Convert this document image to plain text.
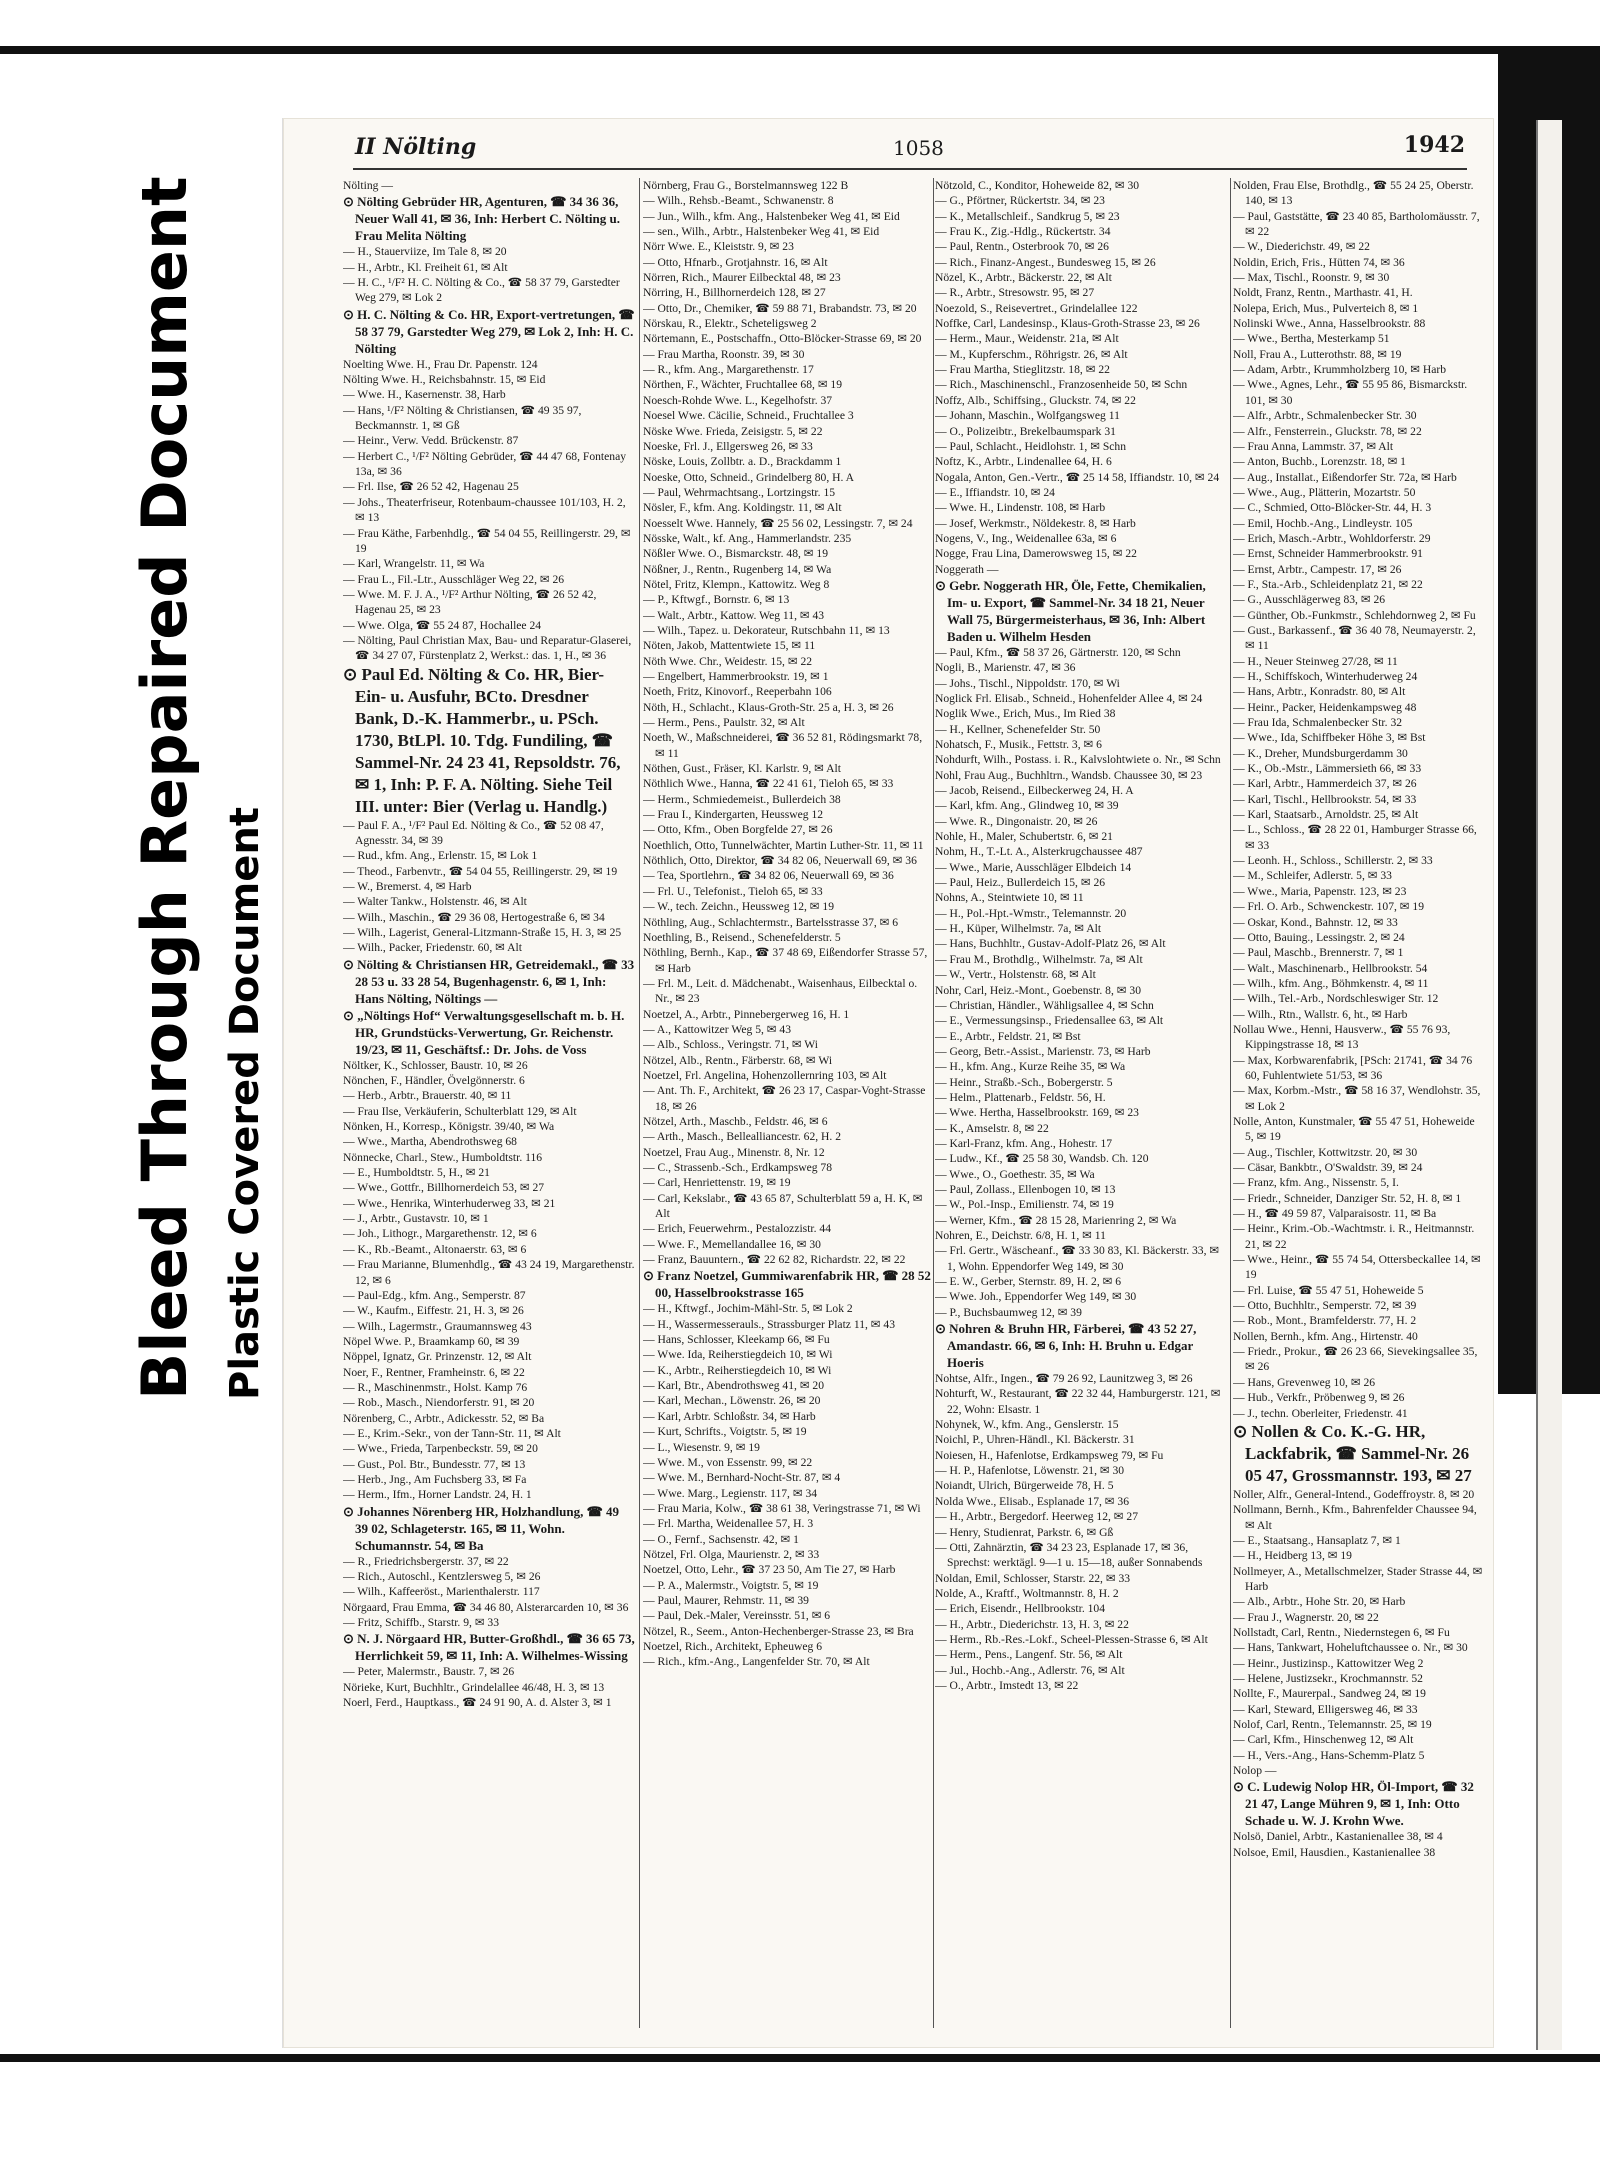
Bleed Through Repaired Document Plastic Covered Document
II Nölting	1058	1942
Nölting —
⊙ Nölting Gebrüder HR, Agenturen, ☎ 34 36 36, Neuer Wall 41, ✉ 36, Inh: Herbert C. Nölting u. Frau Melita Nölting
— H., Stauerviize, Im Tale 8, ✉ 20
— H., Arbtr., Kl. Freiheit 61, ✉ Alt
— H. C., ¹/F² H. C. Nölting & Co., ☎ 58 37 79, Garstedter Weg 279, ✉ Lok 2
⊙ H. C. Nölting & Co. HR, Export-vertretungen, ☎ 58 37 79, Garstedter Weg 279, ✉ Lok 2, Inh: H. C. Nölting
Noelting Wwe. H., Frau Dr. Papenstr. 124
Nölting Wwe. H., Reichsbahnstr. 15, ✉ Eid
— Wwe. H., Kasernenstr. 38, Harb
— Hans, ¹/F² Nölting & Christiansen, ☎ 49 35 97, Beckmannstr. 1, ✉ Gß
— Heinr., Verw. Vedd. Brückenstr. 87
— Herbert C., ¹/F² Nölting Gebrüder, ☎ 44 47 68, Fontenay 13a, ✉ 36
— Frl. Ilse, ☎ 26 52 42, Hagenau 25
— Johs., Theaterfriseur, Rotenbaum-chaussee 101/103, H. 2, ✉ 13
— Frau Käthe, Farbenhdlg., ☎ 54 04 55, Reillingerstr. 29, ✉ 19
— Karl, Wrangelstr. 11, ✉ Wa
— Frau L., Fil.-Ltr., Ausschläger Weg 22, ✉ 26
— Wwe. M. F. J. A., ¹/F² Arthur Nölting, ☎ 26 52 42, Hagenau 25, ✉ 23
— Wwe. Olga, ☎ 55 24 87, Hochallee 24
— Nölting, Paul Christian Max, Bau- und Reparatur-Glaserei, ☎ 34 27 07, Fürstenplatz 2, Werkst.: das. 1, H., ✉ 36
⊙ Paul Ed. Nölting & Co. HR, Bier-Ein- u. Ausfuhr, BCto. Dresdner Bank, D.-K. Hammerbr., u. PSch. 1730, BtLPl. 10. Tdg. Fundiling, ☎ Sammel-Nr. 24 23 41, Repsoldstr. 76, ✉ 1, Inh: P. F. A. Nölting. Siehe Teil III. unter: Bier (Verlag u. Handlg.)
— Paul F. A., ¹/F² Paul Ed. Nölting & Co., ☎ 52 08 47, Agnesstr. 34, ✉ 39
— Rud., kfm. Ang., Erlenstr. 15, ✉ Lok 1
— Theod., Farbenvtr., ☎ 54 04 55, Reillingerstr. 29, ✉ 19
— W., Bremerst. 4, ✉ Harb
— Walter Tankw., Holstenstr. 46, ✉ Alt
— Wilh., Maschin., ☎ 29 36 08, Hertogestraße 6, ✉ 34
— Wilh., Lagerist, General-Litzmann-Straße 15, H. 3, ✉ 25
— Wilh., Packer, Friedenstr. 60, ✉ Alt
⊙ Nölting & Christiansen HR, Getreidemakl., ☎ 33 28 53 u. 33 28 54, Bugenhagenstr. 6, ✉ 1, Inh: Hans Nölting, Nöltings —
⊙ „Nöltings Hof“ Verwaltungsgesellschaft m. b. H. HR, Grundstücks-Verwertung, Gr. Reichenstr. 19/23, ✉ 11, Geschäftsf.: Dr. Johs. de Voss
Nöltker, K., Schlosser, Baustr. 10, ✉ 26
Nönchen, F., Händler, Övelgönnerstr. 6
— Herb., Arbtr., Brauerstr. 40, ✉ 11
— Frau Ilse, Verkäuferin, Schulterblatt 129, ✉ Alt
Nönken, H., Korresp., Königstr. 39/40, ✉ Wa
— Wwe., Martha, Abendrothsweg 68
Nönnecke, Charl., Stew., Humboldtstr. 116
— E., Humboldtstr. 5, H., ✉ 21
— Wwe., Gottfr., Billhornerdeich 53, ✉ 27
— Wwe., Henrika, Winterhuderweg 33, ✉ 21
— J., Arbtr., Gustavstr. 10, ✉ 1
— Joh., Lithogr., Margarethenstr. 12, ✉ 6
— K., Rb.-Beamt., Altonaerstr. 63, ✉ 6
— Frau Marianne, Blumenhdlg., ☎ 43 24 19, Margarethenstr. 12, ✉ 6
— Paul-Edg., kfm. Ang., Semperstr. 87
— W., Kaufm., Eiffestr. 21, H. 3, ✉ 26
— Wilh., Lagermstr., Graumannsweg 43
Nöpel Wwe. P., Braamkamp 60, ✉ 39
Nöppel, Ignatz, Gr. Prinzenstr. 12, ✉ Alt
Noer, F., Rentner, Framheinstr. 6, ✉ 22
— R., Maschinenmstr., Holst. Kamp 76
— Rob., Masch., Niendorferstr. 91, ✉ 20
Nörenberg, C., Arbtr., Adickesstr. 52, ✉ Ba
— E., Krim.-Sekr., von der Tann-Str. 11, ✉ Alt
— Wwe., Frieda, Tarpenbeckstr. 59, ✉ 20
— Gust., Pol. Btr., Bundesstr. 77, ✉ 13
— Herb., Jng., Am Fuchsberg 33, ✉ Fa
— Herm., Ifm., Horner Landstr. 24, H. 1
⊙ Johannes Nörenberg HR, Holzhandlung, ☎ 49 39 02, Schlageterstr. 165, ✉ 11, Wohn. Schumannstr. 54, ✉ Ba
— R., Friedrichsbergerstr. 37, ✉ 22
— Rich., Autoschl., Kentzlersweg 5, ✉ 26
— Wilh., Kaffeeröst., Marienthalerstr. 117
Nörgaard, Frau Emma, ☎ 34 46 80, Alsterarcarden 10, ✉ 36
— Fritz, Schiffb., Starstr. 9, ✉ 33
⊙ N. J. Nörgaard HR, Butter-Großhdl., ☎ 36 65 73, Herrlichkeit 59, ✉ 11, Inh: A. Wilhelmes-Wissing
— Peter, Malermstr., Baustr. 7, ✉ 26
Nörieke, Kurt, Buchhltr., Grindelallee 46/48, H. 3, ✉ 13
Noerl, Ferd., Hauptkass., ☎ 24 91 90, A. d. Alster 3, ✉ 1
Nörnberg, Frau G., Borstelmannsweg 122 B
— Wilh., Rehsb.-Beamt., Schwanenstr. 8
— Jun., Wilh., kfm. Ang., Halstenbeker Weg 41, ✉ Eid
— sen., Wilh., Arbtr., Halstenbeker Weg 41, ✉ Eid
Nörr Wwe. E., Kleiststr. 9, ✉ 23
— Otto, Hfnarb., Grotjahnstr. 16, ✉ Alt
Nörren, Rich., Maurer Eilbecktal 48, ✉ 23
Nörring, H., Billhornerdeich 128, ✉ 27
— Otto, Dr., Chemiker, ☎ 59 88 71, Brabandstr. 73, ✉ 20
Nörskau, R., Elektr., Scheteligsweg 2
Nörtemann, E., Postschaffn., Otto-Blöcker-Strasse 69, ✉ 20
— Frau Martha, Roonstr. 39, ✉ 30
— R., kfm. Ang., Margarethenstr. 17
Nörthen, F., Wächter, Fruchtallee 68, ✉ 19
Noesch-Rohde Wwe. L., Kegelhofstr. 37
Noesel Wwe. Cäcilie, Schneid., Fruchtallee 3
Nöske Wwe. Frieda, Zeisigstr. 5, ✉ 22
Noeske, Frl. J., Ellgersweg 26, ✉ 33
Nöske, Louis, Zollbtr. a. D., Brackdamm 1
Noeske, Otto, Schneid., Grindelberg 80, H. A
— Paul, Wehrmachtsang., Lortzingstr. 15
Nösler, F., kfm. Ang. Koldingstr. 11, ✉ Alt
Noesselt Wwe. Hannely, ☎ 25 56 02, Lessingstr. 7, ✉ 24
Nösske, Walt., kf. Ang., Hammerlandstr. 235
Nößler Wwe. O., Bismarckstr. 48, ✉ 19
Nößner, J., Rentn., Rugenberg 14, ✉ Wa
Nötel, Fritz, Klempn., Kattowitz. Weg 8
— P., Kftwgf., Bornstr. 6, ✉ 13
— Walt., Arbtr., Kattow. Weg 11, ✉ 43
— Wilh., Tapez. u. Dekorateur, Rutschbahn 11, ✉ 13
Nöten, Jakob, Mattentwiete 15, ✉ 11
Nöth Wwe. Chr., Weidestr. 15, ✉ 22
— Engelbert, Hammerbrookstr. 19, ✉ 1
Noeth, Fritz, Kinovorf., Reeperbahn 106
Nöth, H., Schlacht., Klaus-Groth-Str. 25 a, H. 3, ✉ 26
— Herm., Pens., Paulstr. 32, ✉ Alt
Noeth, W., Maßschneiderei, ☎ 36 52 81, Rödingsmarkt 78, ✉ 11
Nöthen, Gust., Fräser, Kl. Karlstr. 9, ✉ Alt
Nöthlich Wwe., Hanna, ☎ 22 41 61, Tieloh 65, ✉ 33
— Herm., Schmiedemeist., Bullerdeich 38
— Frau I., Kindergarten, Heussweg 12
— Otto, Kfm., Oben Borgfelde 27, ✉ 26
Noethlich, Otto, Tunnelwächter, Martin Luther-Str. 11, ✉ 11
Nöthlich, Otto, Direktor, ☎ 34 82 06, Neuerwall 69, ✉ 36
— Tea, Sportlehrn., ☎ 34 82 06, Neuerwall 69, ✉ 36
— Frl. U., Telefonist., Tieloh 65, ✉ 33
— W., tech. Zeichn., Heussweg 12, ✉ 19
Nöthling, Aug., Schlachtermstr., Bartelsstrasse 37, ✉ 6
Noethling, B., Reisend., Schenefelderstr. 5
Nöthling, Bernh., Kap., ☎ 37 48 69, Eißendorfer Strasse 57, ✉ Harb
— Frl. M., Leit. d. Mädchenabt., Waisenhaus, Eilbecktal o. Nr., ✉ 23
Noetzel, A., Arbtr., Pinnebergerweg 16, H. 1
— A., Kattowitzer Weg 5, ✉ 43
— Alb., Schloss., Veringstr. 71, ✉ Wi
Nötzel, Alb., Rentn., Färberstr. 68, ✉ Wi
Noetzel, Frl. Angelina, Hohenzollernring 103, ✉ Alt
— Ant. Th. F., Architekt, ☎ 26 23 17, Caspar-Voght-Strasse 18, ✉ 26
Nötzel, Arth., Maschb., Feldstr. 46, ✉ 6
— Arth., Masch., Bellealliancestr. 62, H. 2
Noetzel, Frau Aug., Minenstr. 8, Nr. 12
— C., Strassenb.-Sch., Erdkampsweg 78
— Carl, Henriettenstr. 19, ✉ 19
— Carl, Kekslabr., ☎ 43 65 87, Schulterblatt 59 a, H. K, ✉ Alt
— Erich, Feuerwehrm., Pestalozzistr. 44
— Wwe. F., Memellandallee 16, ✉ 30
— Franz, Bauuntern., ☎ 22 62 82, Richardstr. 22, ✉ 22
⊙ Franz Noetzel, Gummiwarenfabrik HR, ☎ 28 52 00, Hasselbrookstrasse 165
— H., Kftwgf., Jochim-Mähl-Str. 5, ✉ Lok 2
— H., Wassermesserauls., Strassburger Platz 11, ✉ 43
— Hans, Schlosser, Kleekamp 66, ✉ Fu
— Wwe. Ida, Reiherstiegdeich 10, ✉ Wi
— K., Arbtr., Reiherstiegdeich 10, ✉ Wi
— Karl, Btr., Abendrothsweg 41, ✉ 20
— Karl, Mechan., Löwenstr. 26, ✉ 20
— Karl, Arbtr. Schloßstr. 34, ✉ Harb
— Kurt, Schrifts., Voigtstr. 5, ✉ 19
— L., Wiesenstr. 9, ✉ 19
— Wwe. M., von Essenstr. 99, ✉ 22
— Wwe. M., Bernhard-Nocht-Str. 87, ✉ 4
— Wwe. Marg., Legienstr. 117, ✉ 34
— Frau Maria, Kolw., ☎ 38 61 38, Veringstrasse 71, ✉ Wi
— Frl. Martha, Weidenallee 57, H. 3
— O., Fernf., Sachsenstr. 42, ✉ 1
Nötzel, Frl. Olga, Maurienstr. 2, ✉ 33
Noetzel, Otto, Lehr., ☎ 37 23 50, Am Tie 27, ✉ Harb
— P. A., Malermstr., Voigtstr. 5, ✉ 19
— Paul, Maurer, Rehmstr. 11, ✉ 39
— Paul, Dek.-Maler, Vereinsstr. 51, ✉ 6
Nötzel, R., Seem., Anton-Hechenberger-Strasse 23, ✉ Bra
Noetzel, Rich., Architekt, Epheuweg 6
— Rich., kfm.-Ang., Langenfelder Str. 70, ✉ Alt
Nötzold, C., Konditor, Hoheweide 82, ✉ 30
— G., Pförtner, Rückertstr. 34, ✉ 23
— K., Metallschleif., Sandkrug 5, ✉ 23
— Frau K., Zig.-Hdlg., Rückertstr. 34
— Paul, Rentn., Osterbrook 70, ✉ 26
— Rich., Finanz-Angest., Bundesweg 15, ✉ 26
Nözel, K., Arbtr., Bäckerstr. 22, ✉ Alt
— R., Arbtr., Stresowstr. 95, ✉ 27
Noezold, S., Reisevertret., Grindelallee 122
Noffke, Carl, Landesinsp., Klaus-Groth-Strasse 23, ✉ 26
— Herm., Maur., Weidenstr. 21a, ✉ Alt
— M., Kupferschm., Röhrigstr. 26, ✉ Alt
— Frau Martha, Stieglitzstr. 18, ✉ 22
— Rich., Maschinenschl., Franzosenheide 50, ✉ Schn
Noffz, Alb., Schiffsing., Gluckstr. 74, ✉ 22
— Johann, Maschin., Wolfgangsweg 11
— O., Polizeibtr., Brekelbaumspark 31
— Paul, Schlacht., Heidlohstr. 1, ✉ Schn
Noftz, K., Arbtr., Lindenallee 64, H. 6
Nogala, Anton, Gen.-Vertr., ☎ 25 14 58, Iffiandstr. 10, ✉ 24
— E., Iffiandstr. 10, ✉ 24
— Wwe. H., Lindenstr. 108, ✉ Harb
— Josef, Werkmstr., Nöldekestr. 8, ✉ Harb
Nogens, V., Ing., Weidenallee 63a, ✉ 6
Nogge, Frau Lina, Damerowsweg 15, ✉ 22
Noggerath —
⊙ Gebr. Noggerath HR, Öle, Fette, Chemikalien, Im- u. Export, ☎ Sammel-Nr. 34 18 21, Neuer Wall 75, Bürgermeisterhaus, ✉ 36, Inh: Albert Baden u. Wilhelm Hesden
— Paul, Kfm., ☎ 58 37 26, Gärtnerstr. 120, ✉ Schn
Nogli, B., Marienstr. 47, ✉ 36
— Johs., Tischl., Nippoldstr. 170, ✉ Wi
Noglick Frl. Elisab., Schneid., Hohenfelder Allee 4, ✉ 24
Noglik Wwe., Erich, Mus., Im Ried 38
— H., Kellner, Schenefelder Str. 50
Nohatsch, F., Musik., Fettstr. 3, ✉ 6
Nohdurft, Wilh., Postass. i. R., Kalvslohtwiete o. Nr., ✉ Schn
Nohl, Frau Aug., Buchhltrn., Wandsb. Chaussee 30, ✉ 23
— Jacob, Reisend., Eilbeckerweg 24, H. A
— Karl, kfm. Ang., Glindweg 10, ✉ 39
— Wwe. R., Dingonaistr. 20, ✉ 26
Nohle, H., Maler, Schubertstr. 6, ✉ 21
Nohm, H., T.-Lt. A., Alsterkrugchaussee 487
— Wwe., Marie, Ausschläger Elbdeich 14
— Paul, Heiz., Bullerdeich 15, ✉ 26
Nohns, A., Steintwiete 10, ✉ 11
— H., Pol.-Hpt.-Wmstr., Telemannstr. 20
— H., Küper, Wilhelmstr. 7a, ✉ Alt
— Hans, Buchhltr., Gustav-Adolf-Platz 26, ✉ Alt
— Frau M., Brothdlg., Wilhelmstr. 7a, ✉ Alt
— W., Vertr., Holstenstr. 68, ✉ Alt
Nohr, Carl, Heiz.-Mont., Goebenstr. 8, ✉ 30
— Christian, Händler., Wähligsallee 4, ✉ Schn
— E., Vermessungsinsp., Friedensallee 63, ✉ Alt
— E., Arbtr., Feldstr. 21, ✉ Bst
— Georg, Betr.-Assist., Marienstr. 73, ✉ Harb
— H., kfm. Ang., Kurze Reihe 35, ✉ Wa
— Heinr., Straßb.-Sch., Bobergerstr. 5
— Helm., Plattenarb., Feldstr. 56, H.
— Wwe. Hertha, Hasselbrookstr. 169, ✉ 23
— K., Amselstr. 8, ✉ 22
— Karl-Franz, kfm. Ang., Hohestr. 17
— Ludw., Kf., ☎ 25 58 30, Wandsb. Ch. 120
— Wwe., O., Goethestr. 35, ✉ Wa
— Paul, Zollass., Ellenbogen 10, ✉ 13
— W., Pol.-Insp., Emilienstr. 74, ✉ 19
— Werner, Kfm., ☎ 28 15 28, Marienring 2, ✉ Wa
Nohren, E., Deichstr. 6/8, H. 1, ✉ 11
— Frl. Gertr., Wäscheanf., ☎ 33 30 83, Kl. Bäckerstr. 33, ✉ 1, Wohn. Eppendorfer Weg 149, ✉ 30
— E. W., Gerber, Sternstr. 89, H. 2, ✉ 6
— Wwe. Joh., Eppendorfer Weg 149, ✉ 30
— P., Buchsbaumweg 12, ✉ 39
⊙ Nohren & Bruhn HR, Färberei, ☎ 43 52 27, Amandastr. 66, ✉ 6, Inh: H. Bruhn u. Edgar Hoeris
Nohtse, Alfr., Ingen., ☎ 79 26 92, Launitzweg 3, ✉ 26
Nohturft, W., Restaurant, ☎ 22 32 44, Hamburgerstr. 121, ✉ 22, Wohn: Elsastr. 1
Nohynek, W., kfm. Ang., Genslerstr. 15
Noichl, P., Uhren-Händl., Kl. Bäckerstr. 31
Noiesen, H., Hafenlotse, Erdkampsweg 79, ✉ Fu
— H. P., Hafenlotse, Löwenstr. 21, ✉ 30
Noiandt, Ulrich, Bürgerweide 78, H. 5
Nolda Wwe., Elisab., Esplanade 17, ✉ 36
— H., Arbtr., Bergedorf. Heerweg 12, ✉ 27
— Henry, Studienrat, Parkstr. 6, ✉ Gß
— Otti, Zahnärztin, ☎ 34 23 23, Esplanade 17, ✉ 36, Sprechst: werktägl. 9—1 u. 15—18, außer Sonnabends
Noldan, Emil, Schlosser, Starstr. 22, ✉ 33
Nolde, A., Kraftf., Woltmannstr. 8, H. 2
— Erich, Eisendr., Hellbrookstr. 104
— H., Arbtr., Diederichstr. 13, H. 3, ✉ 22
— Herm., Rb.-Res.-Lokf., Scheel-Plessen-Strasse 6, ✉ Alt
— Herm., Pens., Langenf. Str. 56, ✉ Alt
— Jul., Hochb.-Ang., Adlerstr. 76, ✉ Alt
— O., Arbtr., Imstedt 13, ✉ 22
Nolden, Frau Else, Brothdlg., ☎ 55 24 25, Oberstr. 140, ✉ 13
— Paul, Gaststätte, ☎ 23 40 85, Bartholomäusstr. 7, ✉ 22
— W., Diederichstr. 49, ✉ 22
Noldin, Erich, Fris., Hütten 74, ✉ 36
— Max, Tischl., Roonstr. 9, ✉ 30
Noldt, Franz, Rentn., Marthastr. 41, H.
Nolepa, Erich, Mus., Pulverteich 8, ✉ 1
Nolinski Wwe., Anna, Hasselbrookstr. 88
— Wwe., Bertha, Mesterkamp 51
Noll, Frau A., Lutterothstr. 88, ✉ 19
— Adam, Arbtr., Krummholzberg 10, ✉ Harb
— Wwe., Agnes, Lehr., ☎ 55 95 86, Bismarckstr. 101, ✉ 30
— Alfr., Arbtr., Schmalenbecker Str. 30
— Alfr., Fensterrein., Gluckstr. 78, ✉ 22
— Frau Anna, Lammstr. 37, ✉ Alt
— Anton, Buchb., Lorenzstr. 18, ✉ 1
— Aug., Installat., Eißendorfer Str. 72a, ✉ Harb
— Wwe., Aug., Plätterin, Mozartstr. 50
— C., Schmied, Otto-Blöcker-Str. 44, H. 3
— Emil, Hochb.-Ang., Lindleystr. 105
— Erich, Masch.-Arbtr., Wohldorferstr. 29
— Ernst, Schneider Hammerbrookstr. 91
— Ernst, Arbtr., Campestr. 17, ✉ 26
— F., Sta.-Arb., Schleidenplatz 21, ✉ 22
— G., Ausschlägerweg 83, ✉ 26
— Günther, Ob.-Funkmstr., Schlehdornweg 2, ✉ Fu
— Gust., Barkassenf., ☎ 36 40 78, Neumayerstr. 2, ✉ 11
— H., Neuer Steinweg 27/28, ✉ 11
— H., Schiffskoch, Winterhuderweg 24
— Hans, Arbtr., Konradstr. 80, ✉ Alt
— Heinr., Packer, Heidenkampsweg 48
— Frau Ida, Schmalenbecker Str. 32
— Wwe., Ida, Schiffbeker Höhe 3, ✉ Bst
— K., Dreher, Mundsburgerdamm 30
— K., Ob.-Mstr., Lämmersieth 66, ✉ 33
— Karl, Arbtr., Hammerdeich 37, ✉ 26
— Karl, Tischl., Hellbrookstr. 54, ✉ 33
— Karl, Staatsarb., Arnoldstr. 25, ✉ Alt
— L., Schloss., ☎ 28 22 01, Hamburger Strasse 66, ✉ 33
— Leonh. H., Schloss., Schillerstr. 2, ✉ 33
— M., Schleifer, Adlerstr. 5, ✉ 33
— Wwe., Maria, Papenstr. 123, ✉ 23
— Frl. O. Arb., Schwenckestr. 107, ✉ 19
— Oskar, Kond., Bahnstr. 12, ✉ 33
— Otto, Bauing., Lessingstr. 2, ✉ 24
— Paul, Maschb., Brennerstr. 7, ✉ 1
— Walt., Maschinenarb., Hellbrookstr. 54
— Wilh., kfm. Ang., Böhmkenstr. 4, ✉ 11
— Wilh., Tel.-Arb., Nordschleswiger Str. 12
— Wilh., Rtn., Wallstr. 6, ht., ✉ Harb
Nollau Wwe., Henni, Hausverw., ☎ 55 76 93, Kippingstrasse 18, ✉ 13
— Max, Korbwarenfabrik, [PSch: 21741, ☎ 34 76 60, Fuhlentwiete 51/53, ✉ 36
— Max, Korbm.-Mstr., ☎ 58 16 37, Wendlohstr. 35, ✉ Lok 2
Nolle, Anton, Kunstmaler, ☎ 55 47 51, Hoheweide 5, ✉ 19
— Aug., Tischler, Kottwitzstr. 20, ✉ 30
— Cäsar, Bankbtr., O'Swaldstr. 39, ✉ 24
— Franz, kfm. Ang., Nissenstr. 5, I.
— Friedr., Schneider, Danziger Str. 52, H. 8, ✉ 1
— H., ☎ 49 59 87, Valparaisostr. 11, ✉ Ba
— Heinr., Krim.-Ob.-Wachtmstr. i. R., Heitmannstr. 21, ✉ 22
— Wwe., Heinr., ☎ 55 74 54, Ottersbeckallee 14, ✉ 19
— Frl. Luise, ☎ 55 47 51, Hoheweide 5
— Otto, Buchhltr., Semperstr. 72, ✉ 39
— Rob., Mont., Bramfelderstr. 77, H. 2
Nollen, Bernh., kfm. Ang., Hirtenstr. 40
— Friedr., Prokur., ☎ 26 23 66, Sievekingsallee 35, ✉ 26
— Hans, Grevenweg 10, ✉ 26
— Hub., Verkfr., Pröbenweg 9, ✉ 26
— J., techn. Oberleiter, Friedenstr. 41
⊙ Nollen & Co. K.-G. HR, Lackfabrik, ☎ Sammel-Nr. 26 05 47, Grossmannstr. 193, ✉ 27
Noller, Alfr., General-Intend., Godeffroystr. 8, ✉ 20
Nollmann, Bernh., Kfm., Bahrenfelder Chaussee 94, ✉ Alt
— E., Staatsang., Hansaplatz 7, ✉ 1
— H., Heidberg 13, ✉ 19
Nollmeyer, A., Metallschmelzer, Stader Strasse 44, ✉ Harb
— Alb., Arbtr., Hohe Str. 20, ✉ Harb
— Frau J., Wagnerstr. 20, ✉ 22
Nollstadt, Carl, Rentn., Niedernstegen 6, ✉ Fu
— Hans, Tankwart, Hoheluftchaussee o. Nr., ✉ 30
— Heinr., Justizinsp., Kattowitzer Weg 2
— Helene, Justizsekr., Krochmannstr. 52
Nollte, F., Maurerpal., Sandweg 24, ✉ 19
— Karl, Steward, Elligersweg 46, ✉ 33
Nolof, Carl, Rentn., Telemannstr. 25, ✉ 19
— Carl, Kfm., Hinschenweg 12, ✉ Alt
— H., Vers.-Ang., Hans-Schemm-Platz 5
Nolop —
⊙ C. Ludewig Nolop HR, Öl-Import, ☎ 32 21 47, Lange Mühren 9, ✉ 1, Inh: Otto Schade u. W. J. Krohn Wwe.
Nolsö, Daniel, Arbtr., Kastanienallee 38, ✉ 4
Nolsoe, Emil, Hausdien., Kastanienallee 38
